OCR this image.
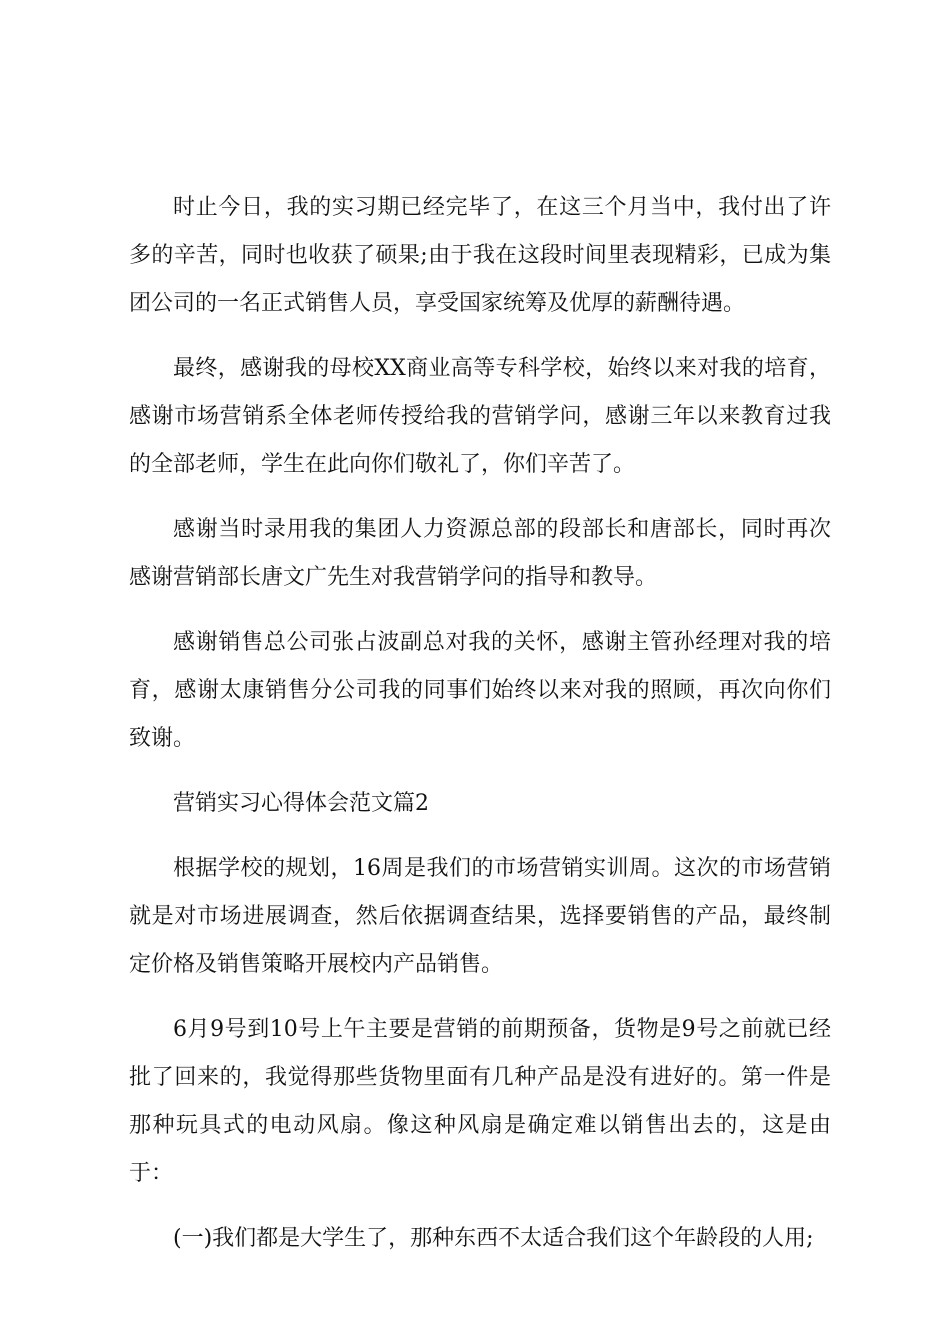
时止今日，我的实习期已经完毕了，在这三个月当中，我付出了许多的辛苦，同时也收获了硕果;由于我在这段时间里表现精彩，已成为集团公司的一名正式销售人员，享受国家统筹及优厚的薪酬待遇。

最终，感谢我的母校XX商业高等专科学校，始终以来对我的培育，感谢市场营销系全体老师传授给我的营销学问，感谢三年以来教育过我的全部老师，学生在此向你们敬礼了，你们辛苦了。

感谢当时录用我的集团人力资源总部的段部长和唐部长，同时再次感谢营销部长唐文广先生对我营销学问的指导和教导。

感谢销售总公司张占波副总对我的关怀，感谢主管孙经理对我的培育，感谢太康销售分公司我的同事们始终以来对我的照顾，再次向你们致谢。

营销实习心得体会范文篇2

根据学校的规划，16周是我们的市场营销实训周。这次的市场营销就是对市场进展调查，然后依据调查结果，选择要销售的产品，最终制定价格及销售策略开展校内产品销售。

6月9号到10号上午主要是营销的前期预备，货物是9号之前就已经批了回来的，我觉得那些货物里面有几种产品是没有进好的。第一件是那种玩具式的电动风扇。像这种风扇是确定难以销售出去的，这是由于：

(一)我们都是大学生了，那种东西不太适合我们这个年龄段的人用;
